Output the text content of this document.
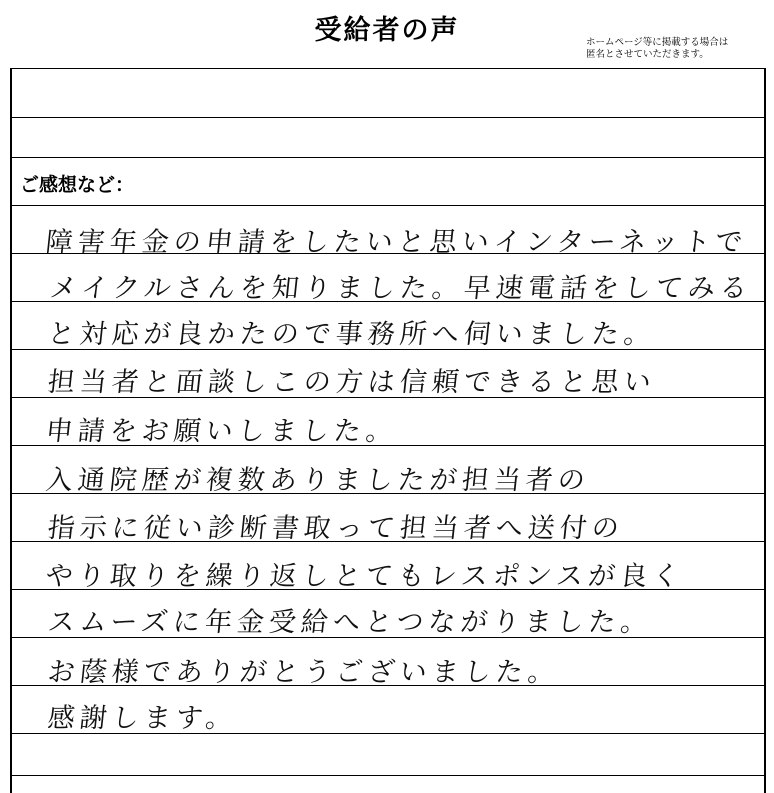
受給者の声	ホームページ等に掲載する場合は
匿名とさせていただきます。
ご感想など：
障害年金の申請をしたいと思いインターネットで
メイクルさんを知りました。早速電話をしてみる
と対応が良かたので事務所へ伺いました。
担当者と面談しこの方は信頼できると思い
申請をお願いしました。
入通院歴が複数ありましたが担当者の
指示に従い診断書取って担当者へ送付の
やり取りを繰り返しとてもレスポンスが良く
スムーズに年金受給へとつながりました。
お蔭様でありがとうございました。
感謝します。
